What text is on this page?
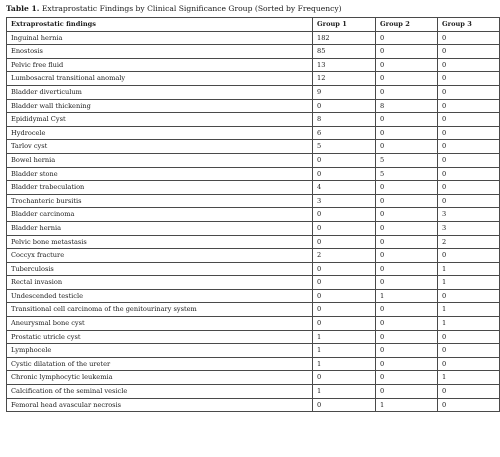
Table 1. Extraprostatic Findings by Clinical Significance Group (Sorted by Frequency)
Extraprostatic findings	Group 1	Group 2	Group 3
Inguinal hernia	182	0	0
Enostosis	85	0	0
Pelvic free fluid	13	0	0
Lumbosacral transitional anomaly	12	0	0
Bladder diverticulum	9	0	0
Bladder wall thickening	0	8	0
Epididymal Cyst	8	0	0
Hydrocele	6	0	0
Tarlov cyst	5	0	0
Bowel hernia	0	5	0
Bladder stone	0	5	0
Bladder trabeculation	4	0	0
Trochanteric bursitis	3	0	0
Bladder carcinoma	0	0	3
Bladder hernia	0	0	3
Pelvic bone metastasis	0	0	2
Coccyx fracture	2	0	0
Tuberculosis	0	0	1
Rectal invasion	0	0	1
Undescended testicle	0	1	0
Transitional cell carcinoma of the genitourinary system	0	0	1
Aneurysmal bone cyst	0	0	1
Prostatic utricle cyst	1	0	0
Lymphocele	1	0	0
Cystic dilatation of the ureter	1	0	0
Chronic lymphocytic leukemia	0	0	1
Calcification of the seminal vesicle	1	0	0
Femoral head avascular necrosis	0	1	0
